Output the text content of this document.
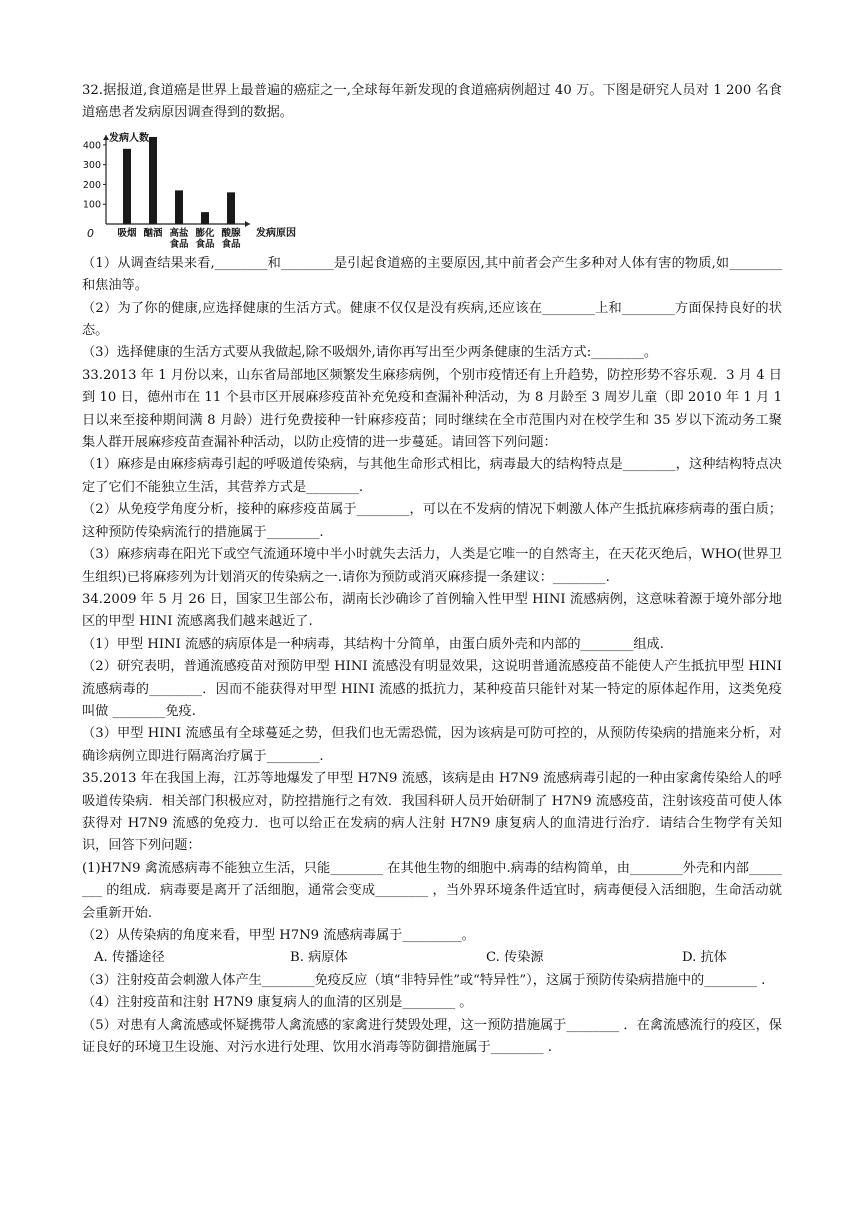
32.据报道,食道癌是世界上最普遍的癌症之一,全球每年新发现的食道癌病例超过 40 万。下图是研究人员对 1 200 名食道癌患者发病原因调查得到的数据。

发病人数
发病原因
0
100
200
300
400
吸烟 酗酒 高盐
食品
膨化
食品
酸腺
食品

（1）从调查结果来看,________和________是引起食道癌的主要原因,其中前者会产生多种对人体有害的物质,如________和焦油等。

（2）为了你的健康,应选择健康的生活方式。健康不仅仅是没有疾病,还应该在________上和________方面保持良好的状态。

（3）选择健康的生活方式要从我做起,除不吸烟外,请你再写出至少两条健康的生活方式:________。

33.2013 年 1 月份以来，山东省局部地区频繁发生麻疹病例，个别市疫情还有上升趋势，防控形势不容乐观．3 月 4 日到 10 日，德州市在 11 个县市区开展麻疹疫苗补充免疫和查漏补种活动，为 8 月龄至 3 周岁儿童（即 2010 年 1 月 1 日以来至接种期间满 8 月龄）进行免费接种一针麻疹疫苗；同时继续在全市范围内对在校学生和 35 岁以下流动务工聚集人群开展麻疹疫苗查漏补种活动，以防止疫情的进一步蔓延。请回答下列问题：

（1）麻疹是由麻疹病毒引起的呼吸道传染病，与其他生命形式相比，病毒最大的结构特点是________，这种结构特点决定了它们不能独立生活，其营养方式是________.

（2）从免疫学角度分析，接种的麻疹疫苗属于________，可以在不发病的情况下刺激人体产生抵抗麻疹病毒的蛋白质；这种预防传染病流行的措施属于________.

（3）麻疹病毒在阳光下或空气流通环境中半小时就失去活力，人类是它唯一的自然寄主，在天花灭绝后，WHO(世界卫生组织)已将麻疹列为计划消灭的传染病之一.请你为预防或消灭麻疹提一条建议：________.

34.2009 年 5 月 26 日，国家卫生部公布，湖南长沙确诊了首例输入性甲型 HINI 流感病例，这意味着源于境外部分地区的甲型 HINI 流感离我们越来越近了.

（1）甲型 HINI 流感的病原体是一种病毒，其结构十分简单，由蛋白质外壳和内部的________组成.

（2）研究表明，普通流感疫苗对预防甲型 HINI 流感没有明显效果，这说明普通流感疫苗不能使人产生抵抗甲型 HINI 流感病毒的________．因而不能获得对甲型 HINI 流感的抵抗力，某种疫苗只能针对某一特定的原体起作用，这类免疫叫做 ________免疫.

（3）甲型 HINI 流感虽有全球蔓延之势，但我们也无需恐慌，因为该病是可防可控的，从预防传染病的措施来分析，对确诊病例立即进行隔离治疗属于________.

35.2013 年在我国上海，江苏等地爆发了甲型 H7N9 流感，该病是由 H7N9 流感病毒引起的一种由家禽传染给人的呼吸道传染病．相关部门积极应对，防控措施行之有效．我国科研人员开始研制了 H7N9 流感疫苗，注射该疫苗可使人体获得对 H7N9 流感的免疫力．也可以给正在发病的病人注射 H7N9 康复病人的血清进行治疗．请结合生物学有关知识，回答下列问题：

(1)H7N9 禽流感病毒不能独立生活，只能________ 在其他生物的细胞中.病毒的结构简单，由________外壳和内部________ 的组成．病毒要是离开了活细胞，通常会变成________ ，当外界环境条件适宜时，病毒便侵入活细胞，生命活动就会重新开始.

（2）从传染病的角度来看，甲型 H7N9 流感病毒属于_________。

A. 传播途径	B. 病原体	C. 传染源	D. 抗体

（3）注射疫苗会刺激人体产生________免疫反应（填“非特异性”或“特异性”），这属于预防传染病措施中的________ .

（4）注射疫苗和注射 H7N9 康复病人的血清的区别是________ 。

（5）对患有人禽流感或怀疑携带人禽流感的家禽进行焚毁处理，这一预防措施属于________ ．在禽流感流行的疫区，保证良好的环境卫生设施、对污水进行处理、饮用水消毒等防御措施属于________ .
